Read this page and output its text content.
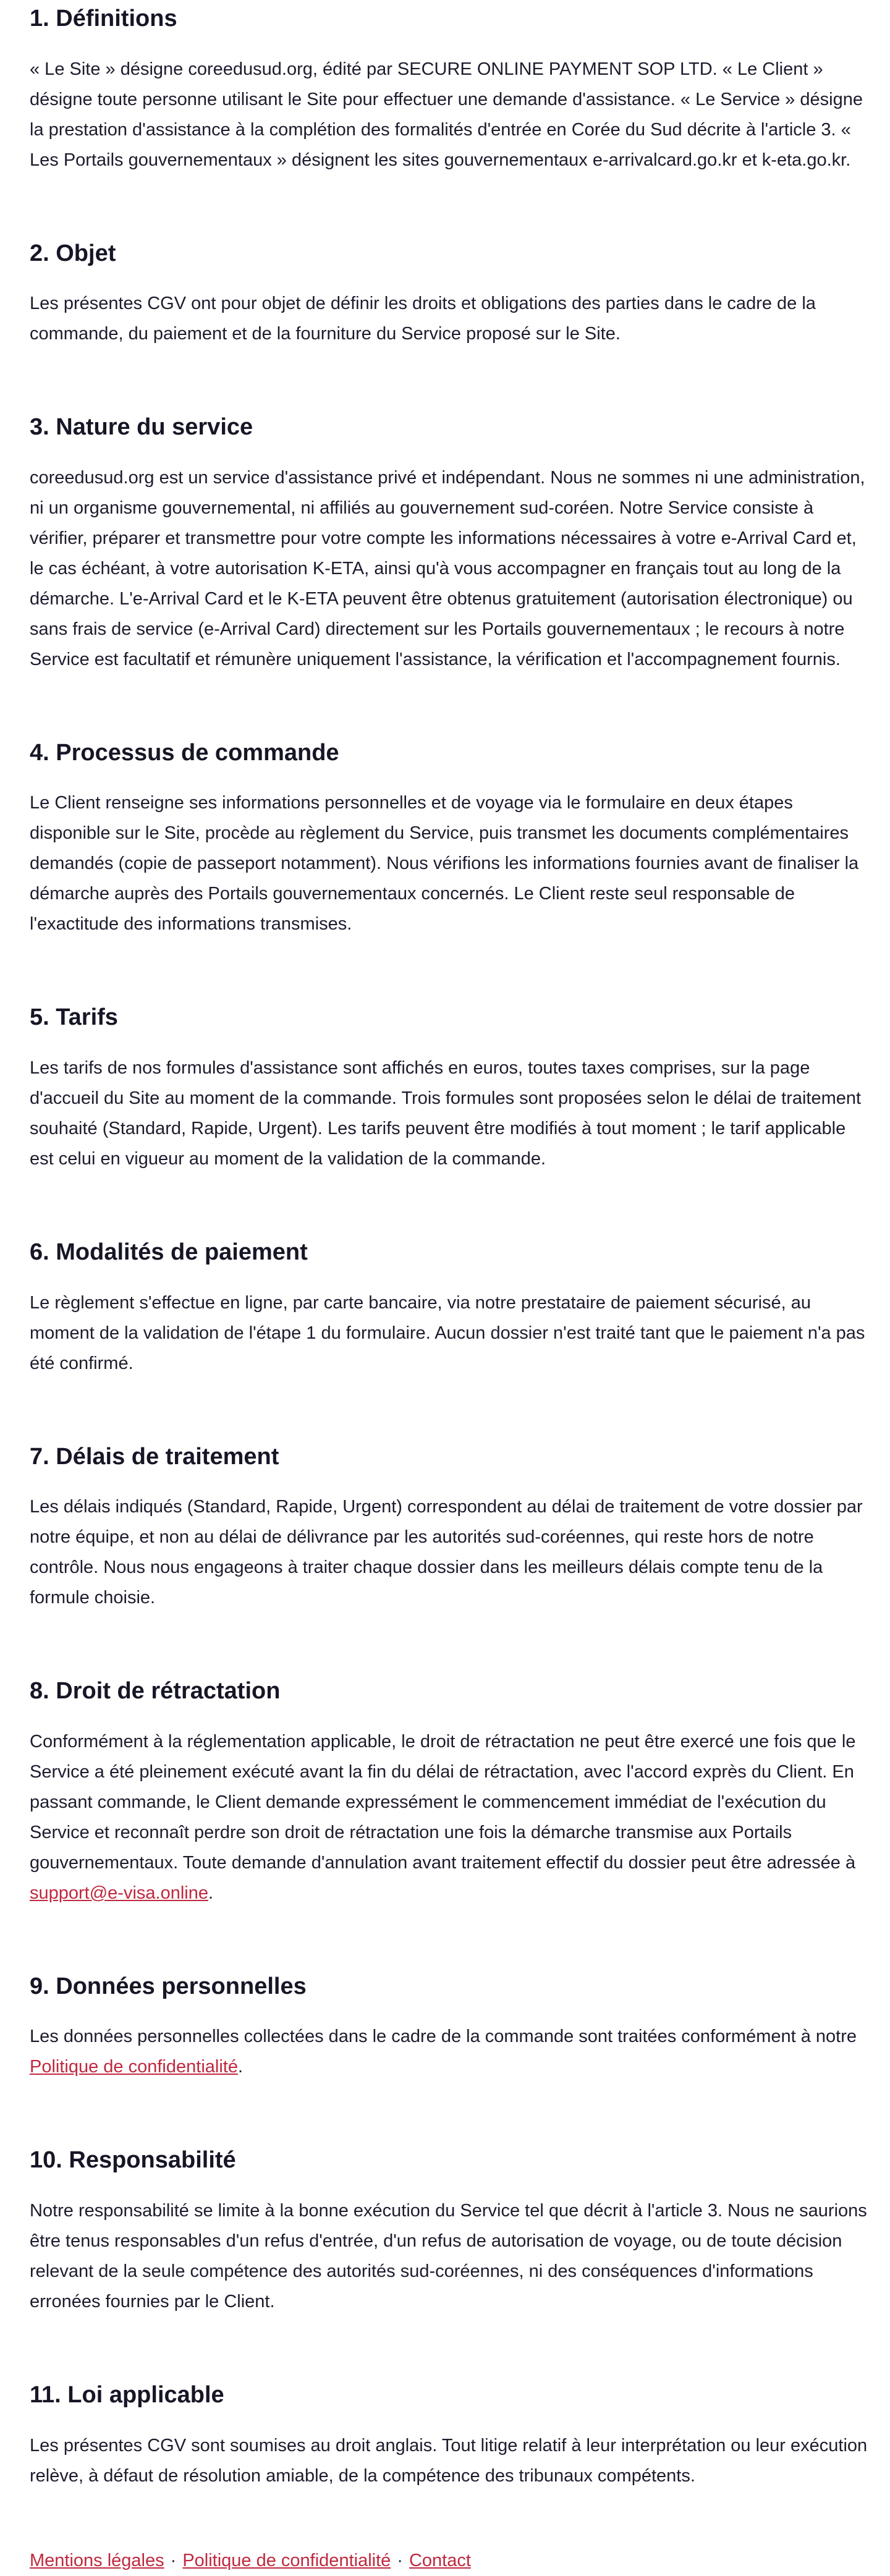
1. Définitions

« Le Site » désigne coreedusud.org, édité par SECURE ONLINE PAYMENT SOP LTD. « Le Client » désigne toute personne utilisant le Site pour effectuer une demande d'assistance. « Le Service » désigne la prestation d'assistance à la complétion des formalités d'entrée en Corée du Sud décrite à l'article 3. « Les Portails gouvernementaux » désignent les sites gouvernementaux e-arrivalcard.go.kr et k-eta.go.kr.

2. Objet

Les présentes CGV ont pour objet de définir les droits et obligations des parties dans le cadre de la commande, du paiement et de la fourniture du Service proposé sur le Site.

3. Nature du service

coreedusud.org est un service d'assistance privé et indépendant. Nous ne sommes ni une administration, ni un organisme gouvernemental, ni affiliés au gouvernement sud-coréen. Notre Service consiste à vérifier, préparer et transmettre pour votre compte les informations nécessaires à votre e-Arrival Card et, le cas échéant, à votre autorisation K-ETA, ainsi qu'à vous accompagner en français tout au long de la démarche. L'e-Arrival Card et le K-ETA peuvent être obtenus gratuitement (autorisation électronique) ou sans frais de service (e-Arrival Card) directement sur les Portails gouvernementaux ; le recours à notre Service est facultatif et rémunère uniquement l'assistance, la vérification et l'accompagnement fournis.

4. Processus de commande

Le Client renseigne ses informations personnelles et de voyage via le formulaire en deux étapes disponible sur le Site, procède au règlement du Service, puis transmet les documents complémentaires demandés (copie de passeport notamment). Nous vérifions les informations fournies avant de finaliser la démarche auprès des Portails gouvernementaux concernés. Le Client reste seul responsable de l'exactitude des informations transmises.

5. Tarifs

Les tarifs de nos formules d'assistance sont affichés en euros, toutes taxes comprises, sur la page d'accueil du Site au moment de la commande. Trois formules sont proposées selon le délai de traitement souhaité (Standard, Rapide, Urgent). Les tarifs peuvent être modifiés à tout moment ; le tarif applicable est celui en vigueur au moment de la validation de la commande.

6. Modalités de paiement

Le règlement s'effectue en ligne, par carte bancaire, via notre prestataire de paiement sécurisé, au moment de la validation de l'étape 1 du formulaire. Aucun dossier n'est traité tant que le paiement n'a pas été confirmé.

7. Délais de traitement

Les délais indiqués (Standard, Rapide, Urgent) correspondent au délai de traitement de votre dossier par notre équipe, et non au délai de délivrance par les autorités sud-coréennes, qui reste hors de notre contrôle. Nous nous engageons à traiter chaque dossier dans les meilleurs délais compte tenu de la formule choisie.

8. Droit de rétractation

Conformément à la réglementation applicable, le droit de rétractation ne peut être exercé une fois que le Service a été pleinement exécuté avant la fin du délai de rétractation, avec l'accord exprès du Client. En passant commande, le Client demande expressément le commencement immédiat de l'exécution du Service et reconnaît perdre son droit de rétractation une fois la démarche transmise aux Portails gouvernementaux. Toute demande d'annulation avant traitement effectif du dossier peut être adressée à support@e-visa.online.

9. Données personnelles

Les données personnelles collectées dans le cadre de la commande sont traitées conformément à notre Politique de confidentialité.

10. Responsabilité

Notre responsabilité se limite à la bonne exécution du Service tel que décrit à l'article 3. Nous ne saurions être tenus responsables d'un refus d'entrée, d'un refus de autorisation de voyage, ou de toute décision relevant de la seule compétence des autorités sud-coréennes, ni des conséquences d'informations erronées fournies par le Client.

11. Loi applicable

Les présentes CGV sont soumises au droit anglais. Tout litige relatif à leur interprétation ou leur exécution relève, à défaut de résolution amiable, de la compétence des tribunaux compétents.

Mentions légales · Politique de confidentialité · Contact
